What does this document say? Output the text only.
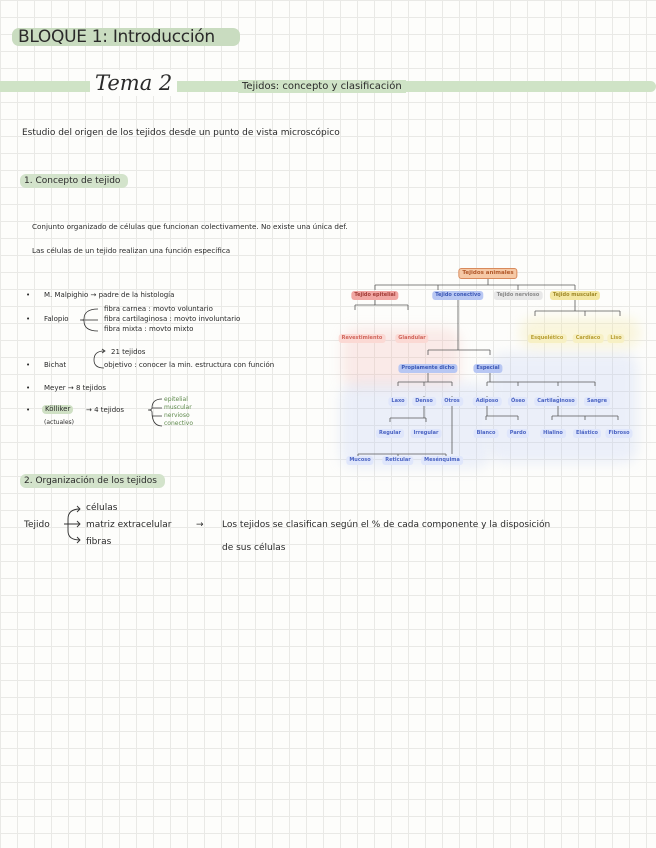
BLOQUE 1: Introducción
Tema 2	Tejidos: concepto y clasificación
Estudio del origen de los tejidos desde un punto de vista microscópico
1. Concepto de tejido
Conjunto organizado de células que funcionan colectivamente. No existe una única def.
Las células de un tejido realizan una función específica
• M. Malpighio → padre de la histología
• Falopio
fibra carnea : movto voluntario
fibra cartilaginosa : movto involuntario
fibra mixta : movto mixto
• Bichat
21 tejidos
objetivo : conocer la min. estructura con función
• Meyer → 8 tejidos
•	Kölliker
(actuales)
→ 4 tejidos
epitelial
muscular
nervioso
conectivo
Tejidos animales
Tejido epitelial	Tejido conectivo	Tejido nervioso	Tejido muscular
Revestimiento	Glandular	Esquelético	Cardíaco	Liso
Propiamente dicho	Especial
Laxo	Denso	Otros	Adiposo	Óseo	Cartilaginoso	Sangre
Regular	Irregular	Blanco	Pardo	Hialino	Elástico	Fibroso
Mucoso	Reticular	Mesénquima
2. Organización de los tejidos
Tejido
células
matriz extracelular
fibras
→ Los tejidos se clasifican según el % de cada componente y la disposición
de sus células
